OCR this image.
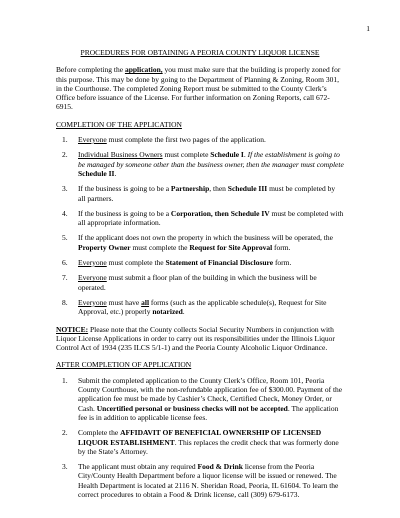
1
PROCEDURES FOR OBTAINING A PEORIA COUNTY LIQUOR LICENSE

Before completing the application, you must make sure that the building is properly zoned for this purpose. This may be done by going to the Department of Planning & Zoning, Room 301, in the Courthouse. The completed Zoning Report must be submitted to the County Clerk’s Office before issuance of the License. For further information on Zoning Reports, call 672-6915.

COMPLETION OF THE APPLICATION
1.	Everyone must complete the first two pages of the application.
2.	Individual Business Owners must complete Schedule I. If the establishment is going to be managed by someone other than the business owner, then the manager must complete Schedule II.
3.	If the business is going to be a Partnership, then Schedule III must be completed by all partners.
4.	If the business is going to be a Corporation, then Schedule IV must be completed with all appropriate information.
5.	If the applicant does not own the property in which the business will be operated, the Property Owner must complete the Request for Site Approval form.
6.	Everyone must complete the Statement of Financial Disclosure form.
7.	Everyone must submit a floor plan of the building in which the business will be operated.
8.	Everyone must have all forms (such as the applicable schedule(s), Request for Site Approval, etc.) properly notarized.

NOTICE: Please note that the County collects Social Security Numbers in conjunction with Liquor License Applications in order to carry out its responsibilities under the Illinois Liquor Control Act of 1934 (235 ILCS 5/1-1) and the Peoria County Alcoholic Liquor Ordinance.

AFTER COMPLETION OF APPLICATION
1.	Submit the completed application to the County Clerk’s Office, Room 101, Peoria County Courthouse, with the non-refundable application fee of $300.00. Payment of the application fee must be made by Cashier’s Check, Certified Check, Money Order, or Cash. Uncertified personal or business checks will not be accepted. The application fee is in addition to applicable license fees.
2.	Complete the AFFIDAVIT OF BENEFICIAL OWNERSHIP OF LICENSED LIQUOR ESTABLISHMENT. This replaces the credit check that was formerly done by the State’s Attorney.
3.	The applicant must obtain any required Food & Drink license from the Peoria City/County Health Department before a liquor license will be issued or renewed. The Health Department is located at 2116 N. Sheridan Road, Peoria, IL 61604. To learn the correct procedures to obtain a Food & Drink license, call (309) 679-6173.
